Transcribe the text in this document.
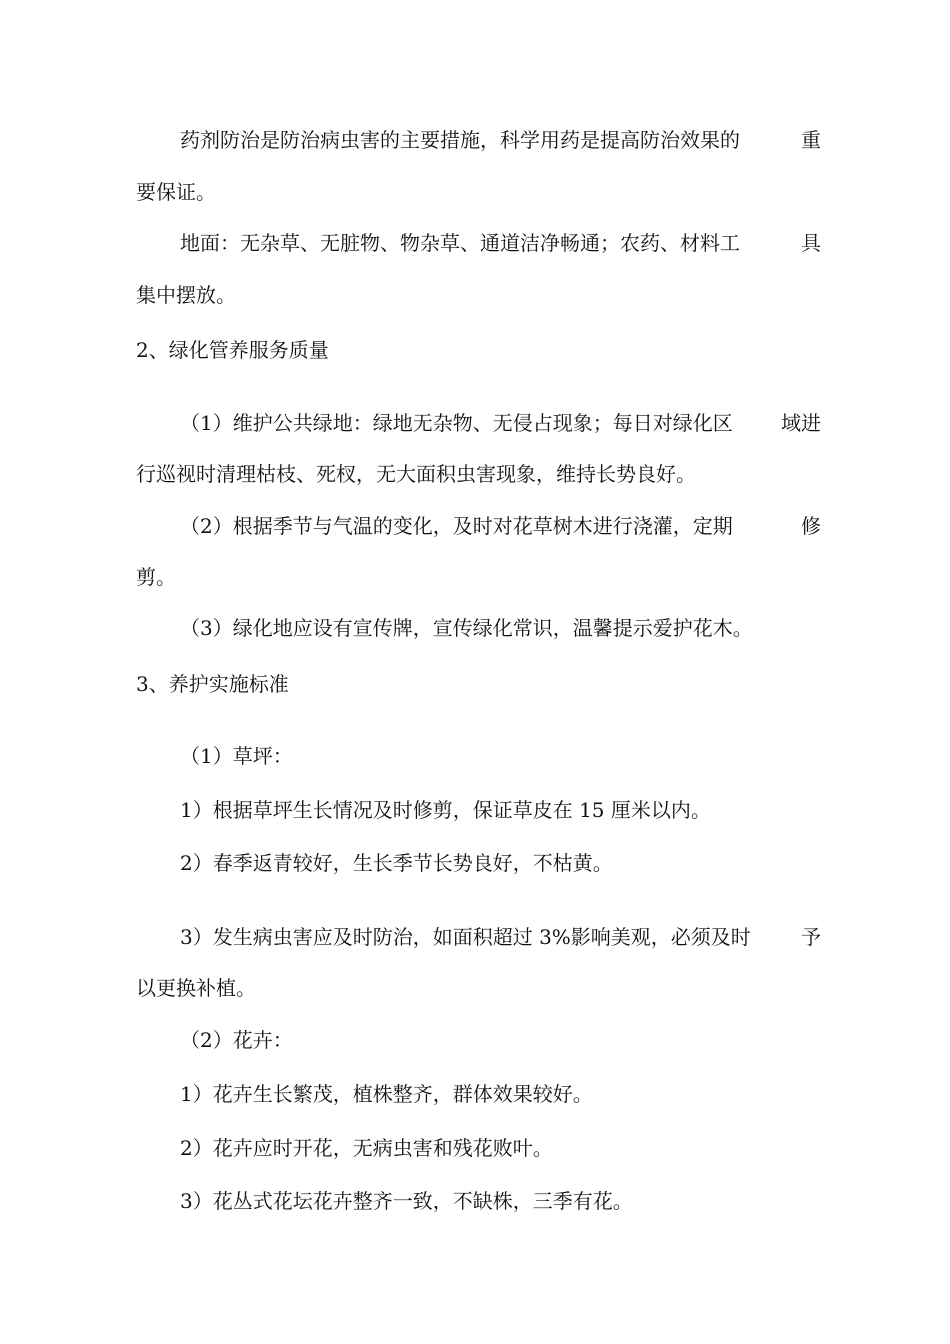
药剂防治是防治病虫害的主要措施，科学用药是提高防治效果的	重
要保证。
地面：无杂草、无脏物、物杂草、通道洁净畅通；农药、材料工	具
集中摆放。
2、绿化管养服务质量
（1）维护公共绿地：绿地无杂物、无侵占现象；每日对绿化区 域进
行巡视时清理枯枝、死杈，无大面积虫害现象，维持长势良好。
（2）根据季节与气温的变化，及时对花草树木进行浇灌，定期	修
剪。
（3）绿化地应设有宣传牌，宣传绿化常识，温馨提示爱护花木。
3、养护实施标准
（1）草坪：
1）根据草坪生长情况及时修剪，保证草皮在 15 厘米以内。
2）春季返青较好，生长季节长势良好，不枯黄。
3）发生病虫害应及时防治，如面积超过 3%影响美观，必须及时	予
以更换补植。
（2）花卉：
1）花卉生长繁茂，植株整齐，群体效果较好。
2）花卉应时开花，无病虫害和残花败叶。
3）花丛式花坛花卉整齐一致，不缺株，三季有花。
